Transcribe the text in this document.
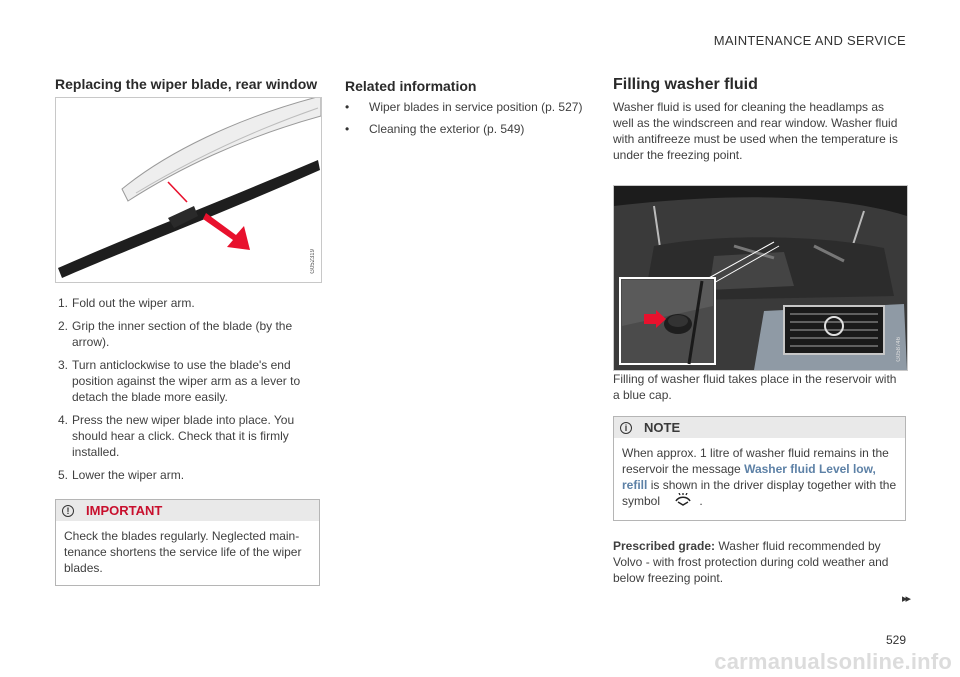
MAINTENANCE AND SERVICE
Replacing the wiper blade, rear window
G052319
1. Fold out the wiper arm.
2. Grip the inner section of the blade (by the arrow).
3. Turn anticlockwise to use the blade's end position against the wiper arm as a lever to detach the blade more easily.
4. Press the new wiper blade into place. You should hear a click. Check that it is firmly installed.
5. Lower the wiper arm.
!	IMPORTANT
Check the blades regularly. Neglected main-tenance shortens the service life of the wiper blades.
Related information
• Wiper blades in service position (p. 527)
• Cleaning the exterior (p. 549)
Filling washer fluid

Washer fluid is used for cleaning the headlamps as well as the windscreen and rear window. Washer fluid with antifreeze must be used when the temperature is under the freezing point.

G058746

Filling of washer fluid takes place in the reservoir with a blue cap.

i	NOTE
When approx. 1 litre of washer fluid remains in the reservoir the message Washer fluid Level low, refill is shown in the driver display together with the symbol	.

Prescribed grade: Washer fluid recommended by Volvo - with frost protection during cold weather and below freezing point.

▸▸
529
carmanualsonline.info
